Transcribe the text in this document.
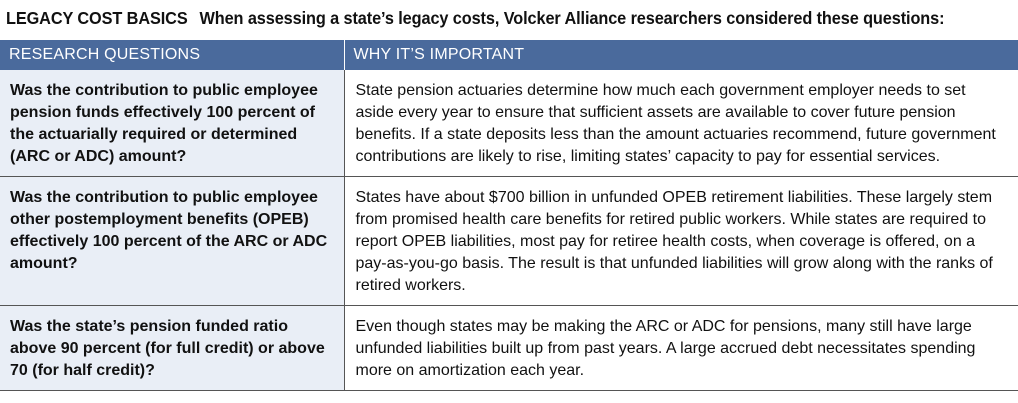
LEGACY COST BASICS When assessing a state’s legacy costs, Volcker Alliance researchers considered these questions:
RESEARCH QUESTIONS	WHY IT’S IMPORTANT
Was the contribution to public employee pension funds effectively 100 percent of the actuarially required or determined (ARC or ADC) amount?	State pension actuaries determine how much each government employer needs to set aside every year to ensure that sufficient assets are available to cover future pension benefits. If a state deposits less than the amount actuaries recommend, future government contributions are likely to rise, limiting states’ capacity to pay for essential services.
Was the contribution to public employee other postemployment benefits (OPEB) effectively 100 percent of the ARC or ADC amount?	States have about $700 billion in unfunded OPEB retirement liabilities. These largely stem from promised health care benefits for retired public workers. While states are required to report OPEB liabilities, most pay for retiree health costs, when coverage is offered, on a pay-as-you-go basis. The result is that unfunded liabilities will grow along with the ranks of retired workers.
Was the state’s pension funded ratio above 90 percent (for full credit) or above 70 (for half credit)?	Even though states may be making the ARC or ADC for pensions, many still have large unfunded liabilities built up from past years. A large accrued debt necessitates spending more on amortization each year.
